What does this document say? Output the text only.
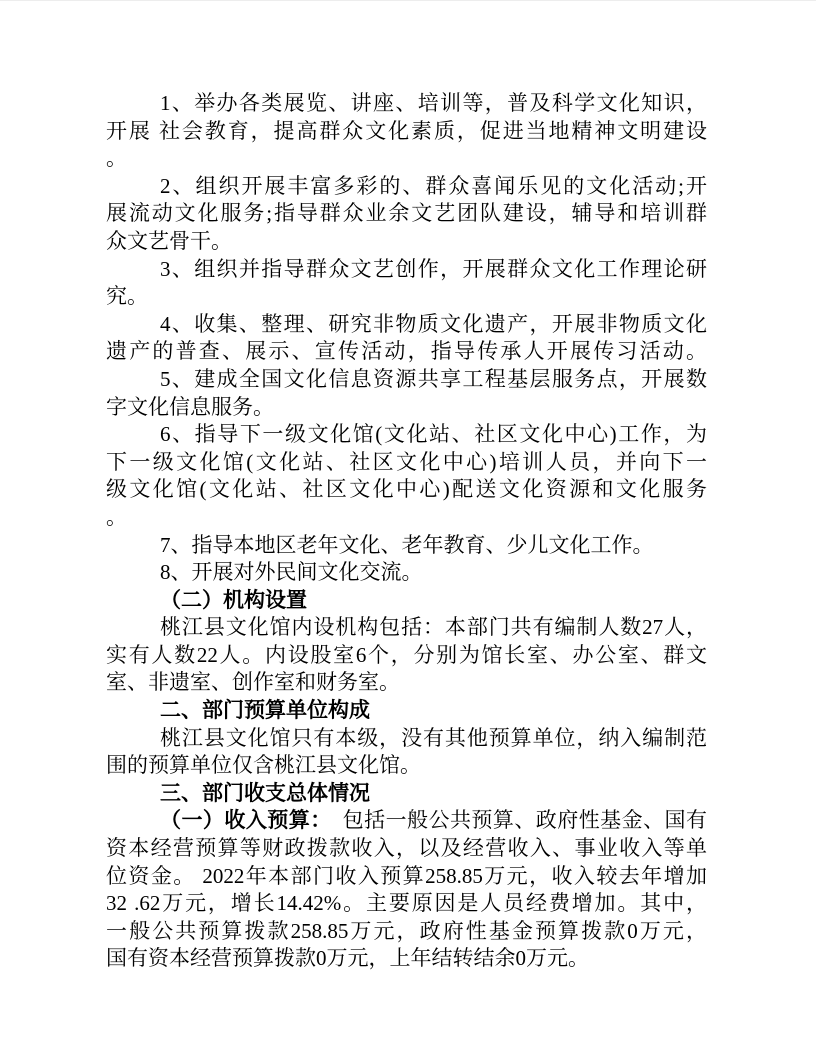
1、举办各类展览、讲座、培训等，普及科学文化知识，
开展 社会教育，提高群众文化素质，促进当地精神文明建设
。
2、组织开展丰富多彩的、群众喜闻乐见的文化活动;开
展流动文化服务;指导群众业余文艺团队建设，辅导和培训群
众文艺骨干。
3、组织并指导群众文艺创作，开展群众文化工作理论研
究。
4、收集、整理、研究非物质文化遗产，开展非物质文化
遗产的普查、展示、宣传活动，指导传承人开展传习活动。
5、建成全国文化信息资源共享工程基层服务点，开展数
字文化信息服务。
6、指导下一级文化馆(文化站、社区文化中心)工作，为
下一级文化馆(文化站、社区文化中心)培训人员，并向下一
级文化馆(文化站、社区文化中心)配送文化资源和文化服务
。
7、指导本地区老年文化、老年教育、少儿文化工作。
8、开展对外民间文化交流。
（二）机构设置
桃江县文化馆内设机构包括：本部门共有编制人数27人，
实有人数22人。内设股室6个，分别为馆长室、办公室、群文
室、非遗室、创作室和财务室。
二、部门预算单位构成
桃江县文化馆只有本级，没有其他预算单位，纳入编制范
围的预算单位仅含桃江县文化馆。
三、部门收支总体情况
（一）收入预算：　包括一般公共预算、政府性基金、国有
资本经营预算等财政拨款收入，以及经营收入、事业收入等单
位资金。 2022年本部门收入预算258.85万元，收入较去年增加
32 .62万元，增长14.42%。主要原因是人员经费增加。其中，
一般公共预算拨款258.85万元，政府性基金预算拨款0万元，
国有资本经营预算拨款0万元，上年结转结余0万元。
